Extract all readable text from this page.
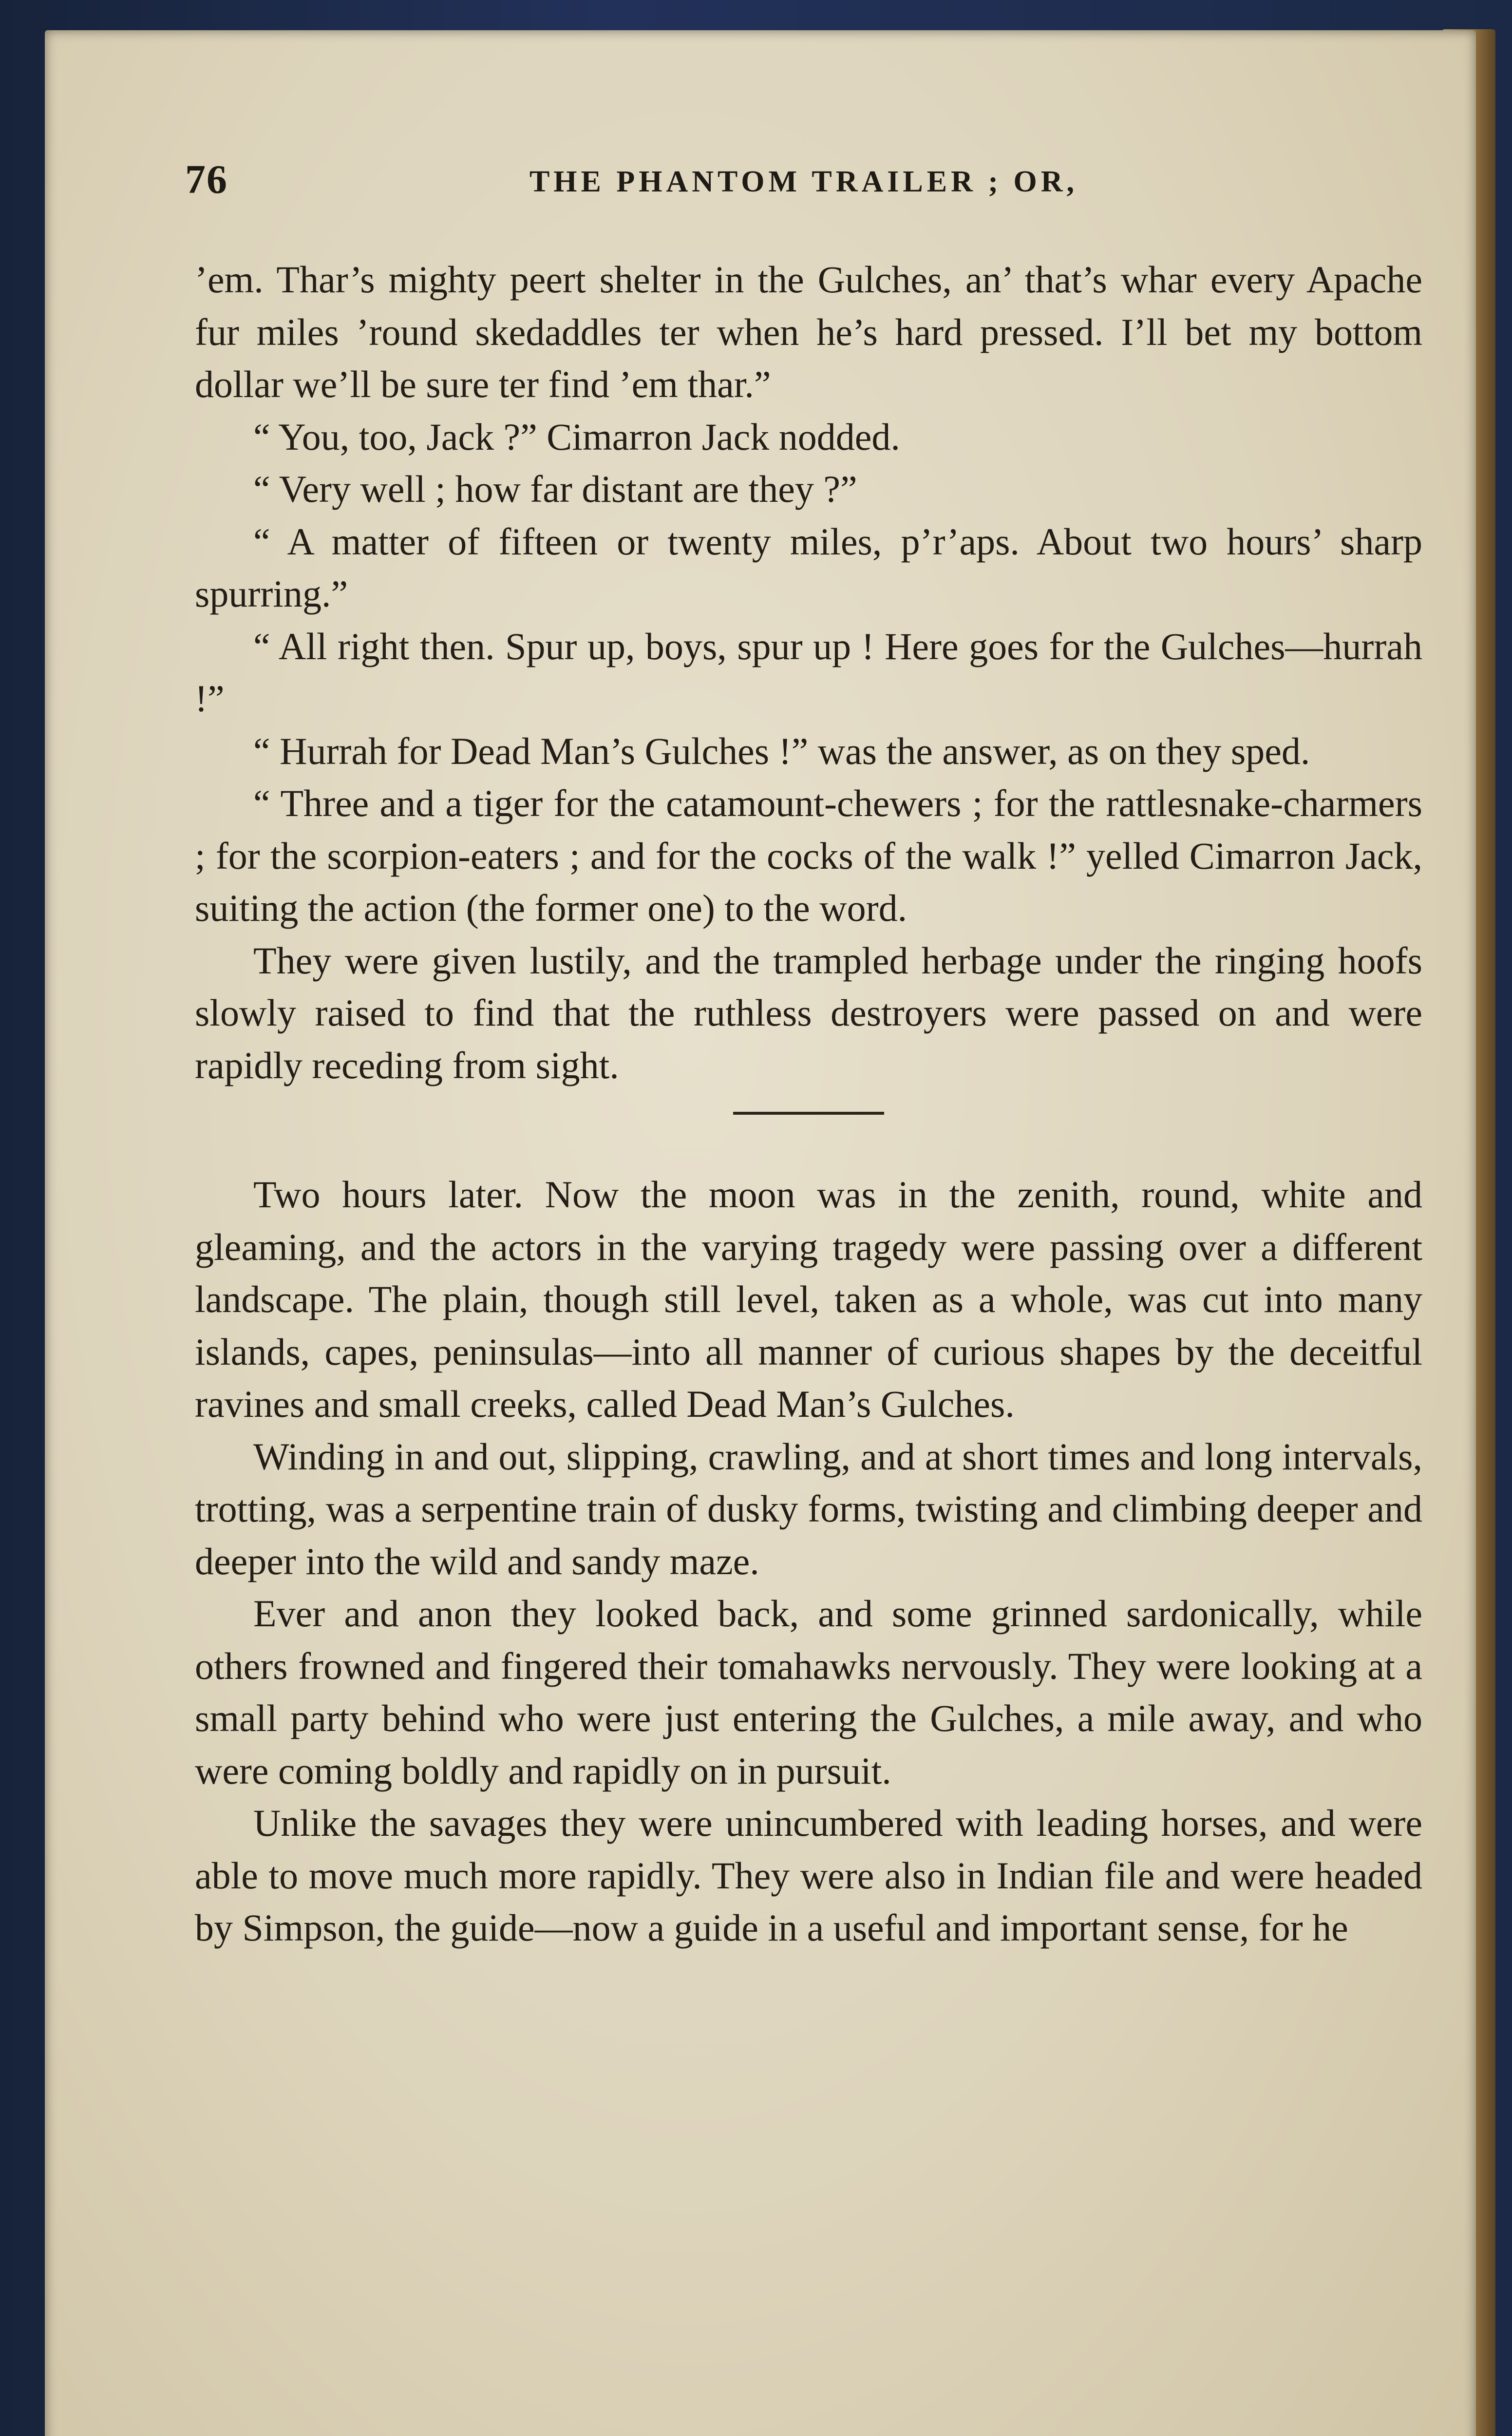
76	THE PHANTOM TRAILER ; OR,

’em. Thar’s mighty peert shelter in the Gulches, an’ that’s whar every Apache fur miles ’round skedaddles ter when he’s hard pressed. I’ll bet my bottom dollar we’ll be sure ter find ’em thar.”

“ You, too, Jack ?” Cimarron Jack nodded.

“ Very well ; how far distant are they ?”

“ A matter of fifteen or twenty miles, p’r’aps. About two hours’ sharp spurring.”

“ All right then. Spur up, boys, spur up ! Here goes for the Gulches—hurrah !”

“ Hurrah for Dead Man’s Gulches !” was the answer, as on they sped.

“ Three and a tiger for the catamount-chewers ; for the rattlesnake-charmers ; for the scorpion-eaters ; and for the cocks of the walk !” yelled Cimarron Jack, suiting the action (the former one) to the word.

They were given lustily, and the trampled herbage under the ringing hoofs slowly raised to find that the ruthless destroyers were passed on and were rapidly receding from sight.

Two hours later. Now the moon was in the zenith, round, white and gleaming, and the actors in the varying tragedy were passing over a different landscape. The plain, though still level, taken as a whole, was cut into many islands, capes, peninsulas—into all manner of curious shapes by the deceitful ravines and small creeks, called Dead Man’s Gulches.

Winding in and out, slipping, crawling, and at short times and long intervals, trotting, was a serpentine train of dusky forms, twisting and climbing deeper and deeper into the wild and sandy maze.

Ever and anon they looked back, and some grinned sardonically, while others frowned and fingered their tomahawks nervously. They were looking at a small party behind who were just entering the Gulches, a mile away, and who were coming boldly and rapidly on in pursuit.

Unlike the savages they were unincumbered with leading horses, and were able to move much more rapidly. They were also in Indian file and were headed by Simpson, the guide—now a guide in a useful and important sense, for he
